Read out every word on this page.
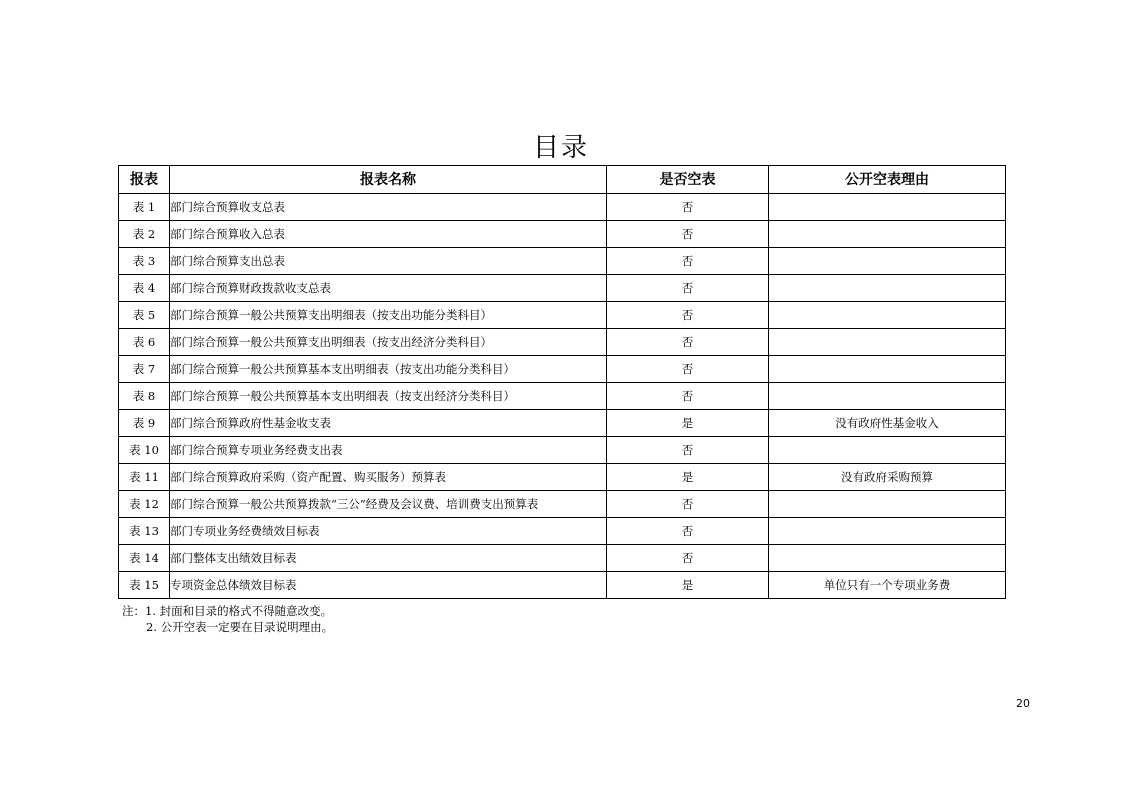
目录
报表	报表名称	是否空表	公开空表理由
表 1	部门综合预算收支总表	否	
表 2	部门综合预算收入总表	否	
表 3	部门综合预算支出总表	否	
表 4	部门综合预算财政拨款收支总表	否	
表 5	部门综合预算一般公共预算支出明细表（按支出功能分类科目）	否	
表 6	部门综合预算一般公共预算支出明细表（按支出经济分类科目）	否	
表 7	部门综合预算一般公共预算基本支出明细表（按支出功能分类科目）	否	
表 8	部门综合预算一般公共预算基本支出明细表（按支出经济分类科目）	否	
表 9	部门综合预算政府性基金收支表	是	没有政府性基金收入
表 10	部门综合预算专项业务经费支出表	否	
表 11	部门综合预算政府采购（资产配置、购买服务）预算表	是	没有政府采购预算
表 12	部门综合预算一般公共预算拨款“三公”经费及会议费、培训费支出预算表	否	
表 13	部门专项业务经费绩效目标表	否	
表 14	部门整体支出绩效目标表	否	
表 15	专项资金总体绩效目标表	是	单位只有一个专项业务费
注：1. 封面和目录的格式不得随意改变。
2. 公开空表一定要在目录说明理由。
20
